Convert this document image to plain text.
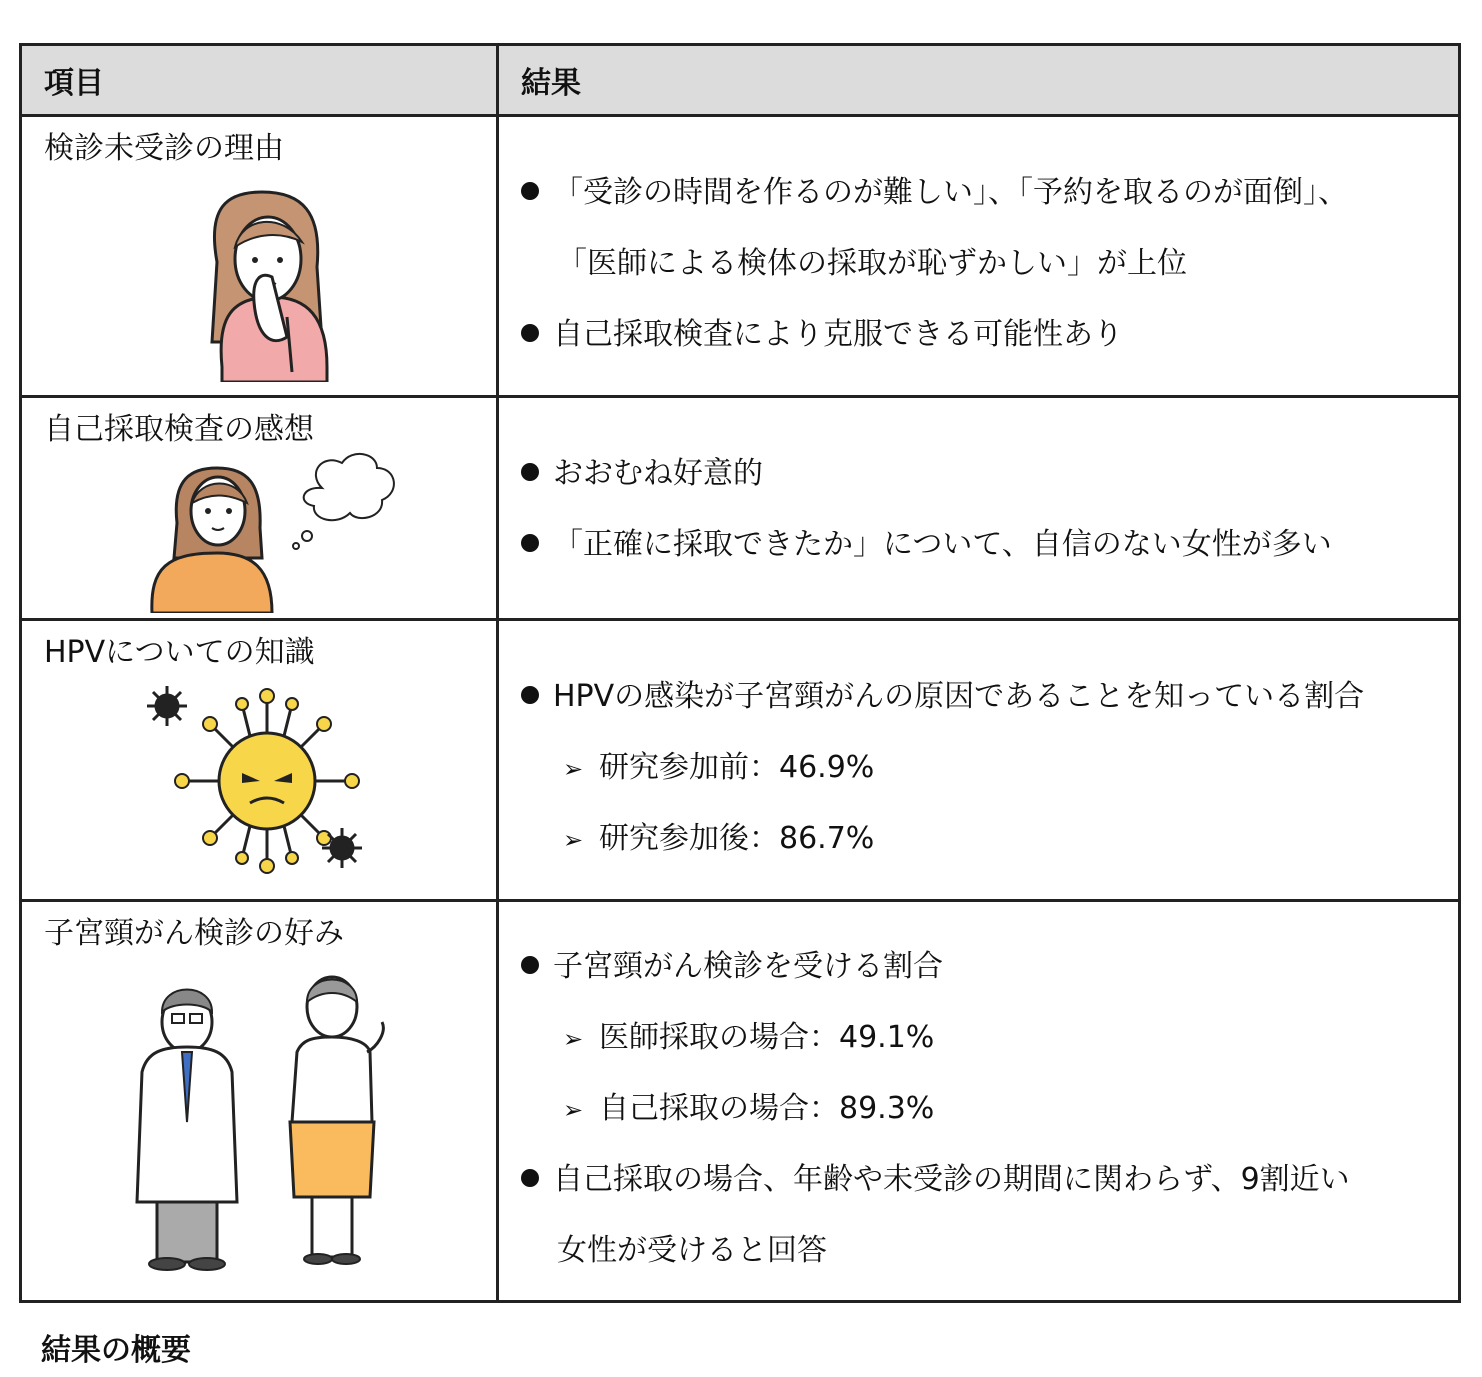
項目	結果

検診未受診の理由	「受診の時間を作るのが難しい」、「予約を取るのが面倒」、
「医師による検体の採取が恥ずかしい」が上位
自己採取検査により克服できる可能性あり

自己採取検査の感想	おおむね好意的
「正確に採取できたか」について、自信のない女性が多い

HPVについての知識	HPVの感染が子宮頸がんの原因であることを知っている割合
➢ 研究参加前：46.9%
➢ 研究参加後：86.7%

子宮頸がん検診の好み	子宮頸がん検診を受ける割合
➢ 医師採取の場合：49.1%
➢ 自己採取の場合：89.3%
自己採取の場合、年齢や未受診の期間に関わらず、9割近い
女性が受けると回答
結果の概要
